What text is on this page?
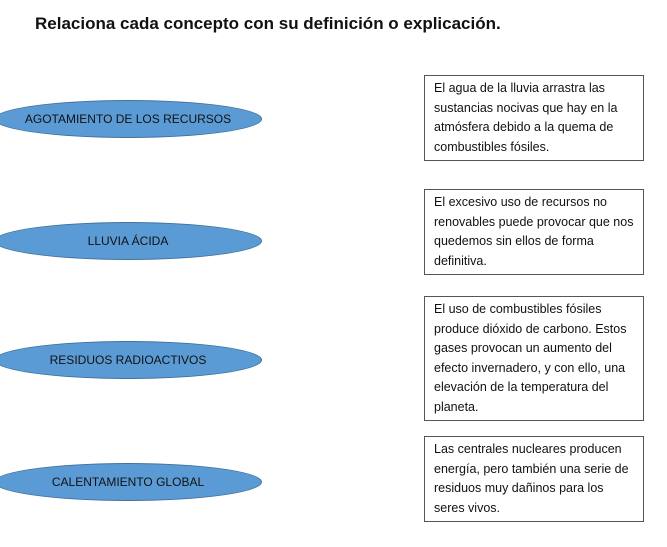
Relaciona cada concepto con su definición o explicación.
AGOTAMIENTO DE LOS RECURSOS
LLUVIA ÁCIDA
RESIDUOS RADIOACTIVOS
CALENTAMIENTO GLOBAL
El agua de la lluvia arrastra las sustancias nocivas que hay en la atmósfera debido a la quema de combustibles fósiles.
El excesivo uso de recursos no renovables puede provocar que nos quedemos sin ellos de forma definitiva.
El uso de combustibles fósiles produce dióxido de carbono. Estos gases provocan un aumento del efecto invernadero, y con ello, una elevación de la temperatura del planeta.
Las centrales nucleares producen energía, pero también una serie de residuos muy dañinos para los seres vivos.
